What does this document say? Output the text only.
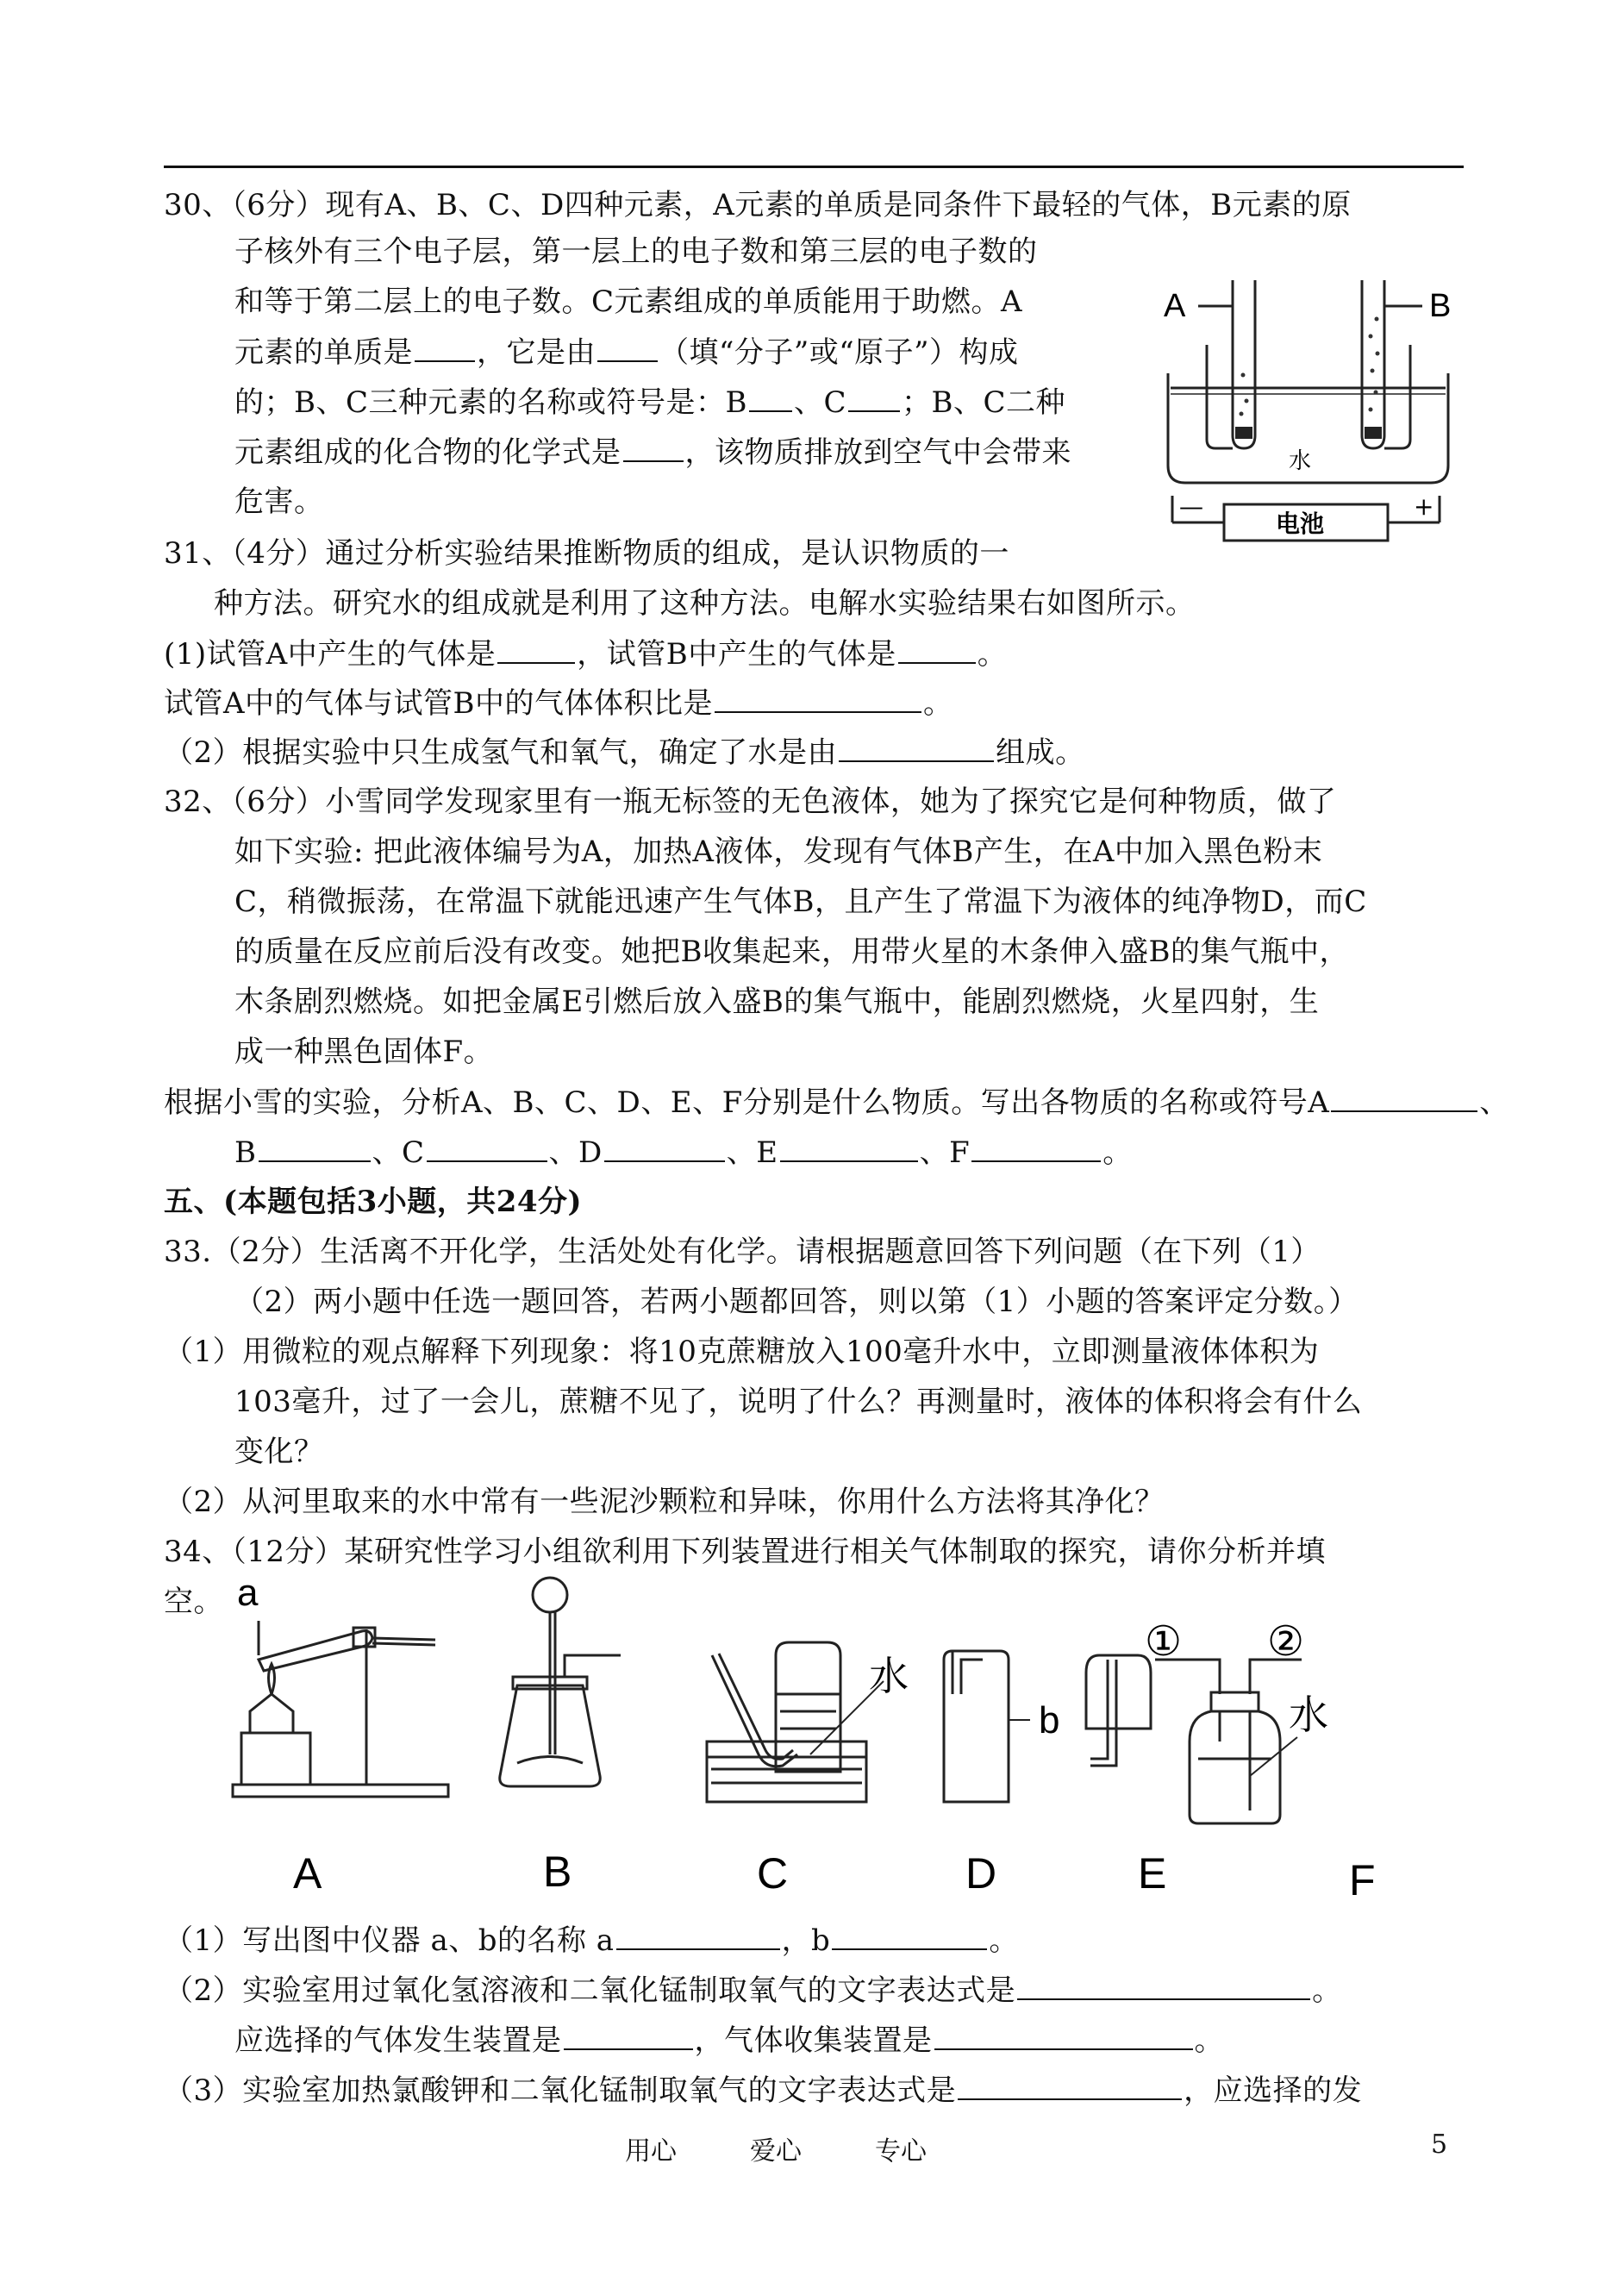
30、（6分）现有A、B、C、D四种元素，A元素的单质是同条件下最轻的气体，B元素的原
子核外有三个电子层，第一层上的电子数和第三层的电子数的
和等于第二层上的电子数。C元素组成的单质能用于助燃。A
元素的单质是 ，它是由 （填“分子”或“原子”）构成
的；B、C三种元素的名称或符号是：B 、C ；B、C二种
元素组成的化合物的化学式是 ，该物质排放到空气中会带来
危害。
A	B
水
电池
—	+
31、（4分）通过分析实验结果推断物质的组成，是认识物质的一
种方法。研究水的组成就是利用了这种方法。电解水实验结果右如图所示。
(1)试管A中产生的气体是	，试管B中产生的气体是	。
试管A中的气体与试管B中的气体体积比是	。
（2）根据实验中只生成氢气和氧气，确定了水是由	组成。
32、（6分）小雪同学发现家里有一瓶无标签的无色液体，她为了探究它是何种物质，做了
如下实验: 把此液体编号为A，加热A液体，发现有气体B产生，在A中加入黑色粉末
C，稍微振荡，在常温下就能迅速产生气体B，且产生了常温下为液体的纯净物D，而C
的质量在反应前后没有改变。她把B收集起来，用带火星的木条伸入盛B的集气瓶中，
木条剧烈燃烧。如把金属E引燃后放入盛B的集气瓶中，能剧烈燃烧，火星四射，生
成一种黑色固体F。
根据小雪的实验，分析A、B、C、D、E、F分别是什么物质。写出各物质的名称或符号A	、
B	、C	、D	、E	、F	。
五、(本题包括3小题，共24分)
33.（2分）生活离不开化学，生活处处有化学。请根据题意回答下列问题（在下列（1）
（2）两小题中任选一题回答，若两小题都回答，则以第（1）小题的答案评定分数。）
（1）用微粒的观点解释下列现象：将10克蔗糖放入100毫升水中，立即测量液体体积为
103毫升，过了一会儿，蔗糖不见了，说明了什么？再测量时，液体的体积将会有什么
变化？
（2）从河里取来的水中常有一些泥沙颗粒和异味，你用什么方法将其净化？
34、（12分）某研究性学习小组欲利用下列装置进行相关气体制取的探究，请你分析并填
空。 a
b
水
水
① ②
A	B	C	D	E	F
（1）写出图中仪器 a、b的名称 a	，b	。
（2）实验室用过氧化氢溶液和二氧化锰制取氧气的文字表达式是	。
应选择的气体发生装置是	，气体收集装置是	。
（3）实验室加热氯酸钾和二氧化锰制取氧气的文字表达式是	，应选择的发
用心	爱心	专心	5
